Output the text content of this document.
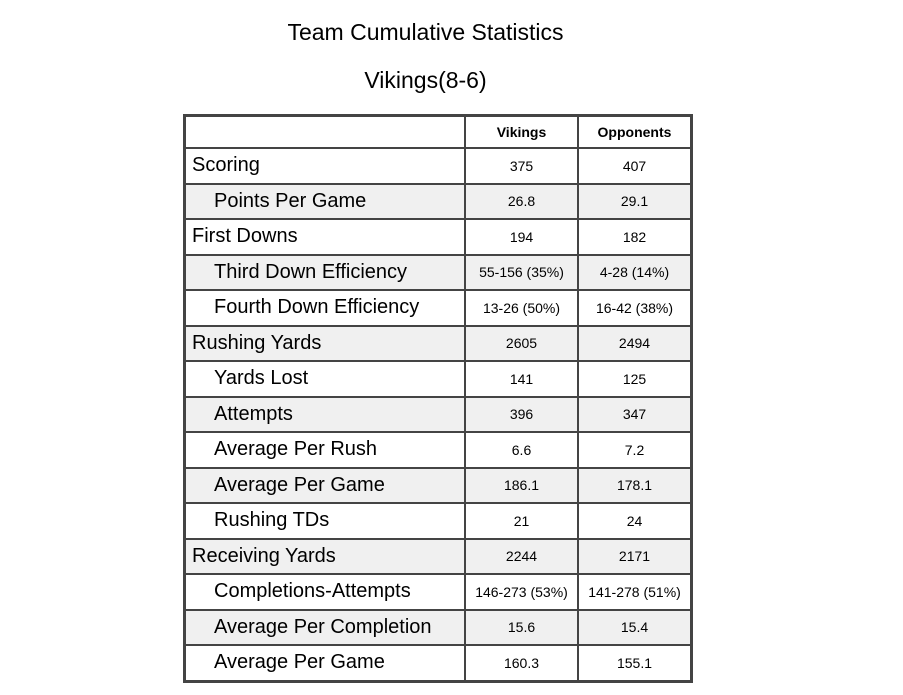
Team Cumulative Statistics
Vikings(8-6)
	Vikings	Opponents
Scoring	375	407
Points Per Game	26.8	29.1
First Downs	194	182
Third Down Efficiency	55-156 (35%)	4-28 (14%)
Fourth Down Efficiency	13-26 (50%)	16-42 (38%)
Rushing Yards	2605	2494
Yards Lost	141	125
Attempts	396	347
Average Per Rush	6.6	7.2
Average Per Game	186.1	178.1
Rushing TDs	21	24
Receiving Yards	2244	2171
Completions-Attempts	146-273 (53%)	141-278 (51%)
Average Per Completion	15.6	15.4
Average Per Game	160.3	155.1
